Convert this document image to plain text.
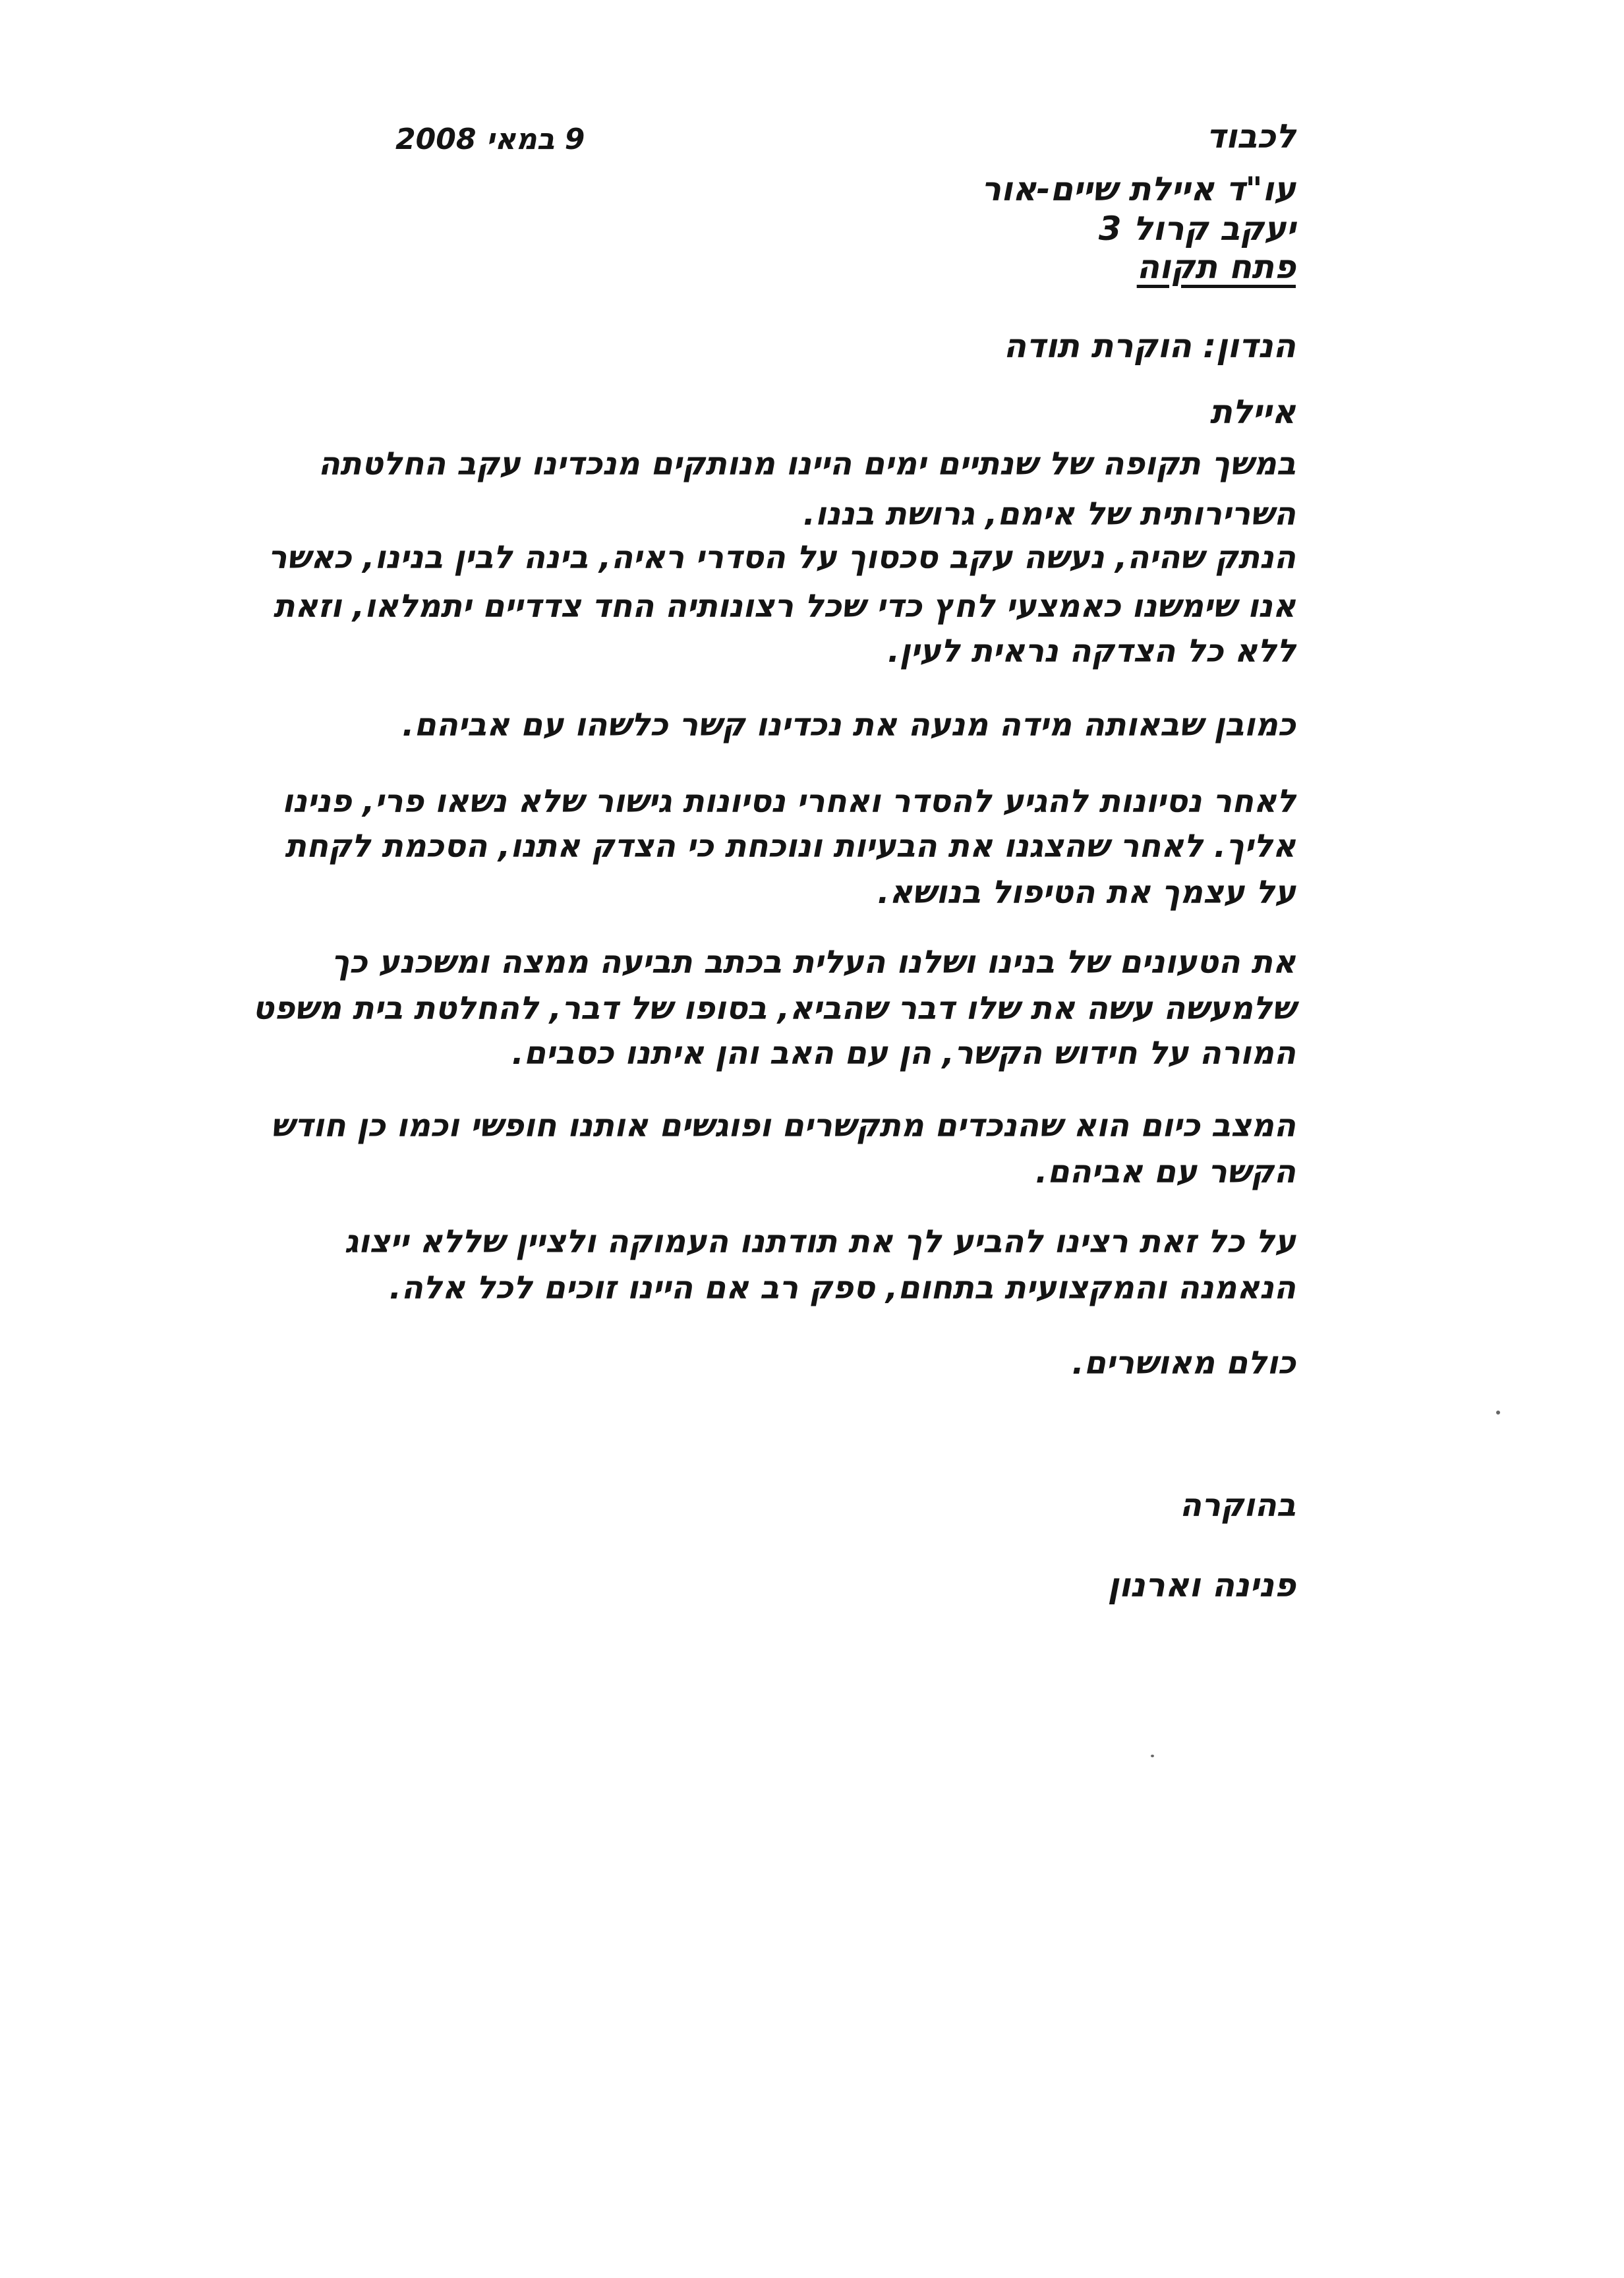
9 במאי 2008	לכבוד
עו"ד איילת שיים-אור
יעקב קרול 3
פתח תקוה
הנדון: הוקרת תודה
איילת
במשך תקופה של שנתיים ימים היינו מנותקים מנכדינו עקב החלטתה
השרירותית של אימם, גרושת בננו.
הנתק שהיה, נעשה עקב סכסוך על הסדרי ראיה, בינה לבין בנינו, כאשר
אנו שימשנו כאמצעי לחץ כדי שכל רצונותיה החד צדדיים יתמלאו, וזאת
ללא כל הצדקה נראית לעין.
כמובן שבאותה מידה מנעה את נכדינו קשר כלשהו עם אביהם.
לאחר נסיונות להגיע להסדר ואחרי נסיונות גישור שלא נשאו פרי, פנינו
אליך. לאחר שהצגנו את הבעיות ונוכחת כי הצדק אתנו, הסכמת לקחת
על עצמך את הטיפול בנושא.
את הטעונים של בנינו ושלנו העלית בכתב תביעה ממצה ומשכנע כך
שלמעשה עשה את שלו דבר שהביא, בסופו של דבר, להחלטת בית משפט
המורה על חידוש הקשר, הן עם האב והן איתנו כסבים.
המצב כיום הוא שהנכדים מתקשרים ופוגשים אותנו חופשי וכמו כן חודש
הקשר עם אביהם.
על כל זאת רצינו להביע לך את תודתנו העמוקה ולציין שללא ייצוג
הנאמנה והמקצועית בתחום, ספק רב אם היינו זוכים לכל אלה.
כולם מאושרים.
בהוקרה
פנינה וארנון
